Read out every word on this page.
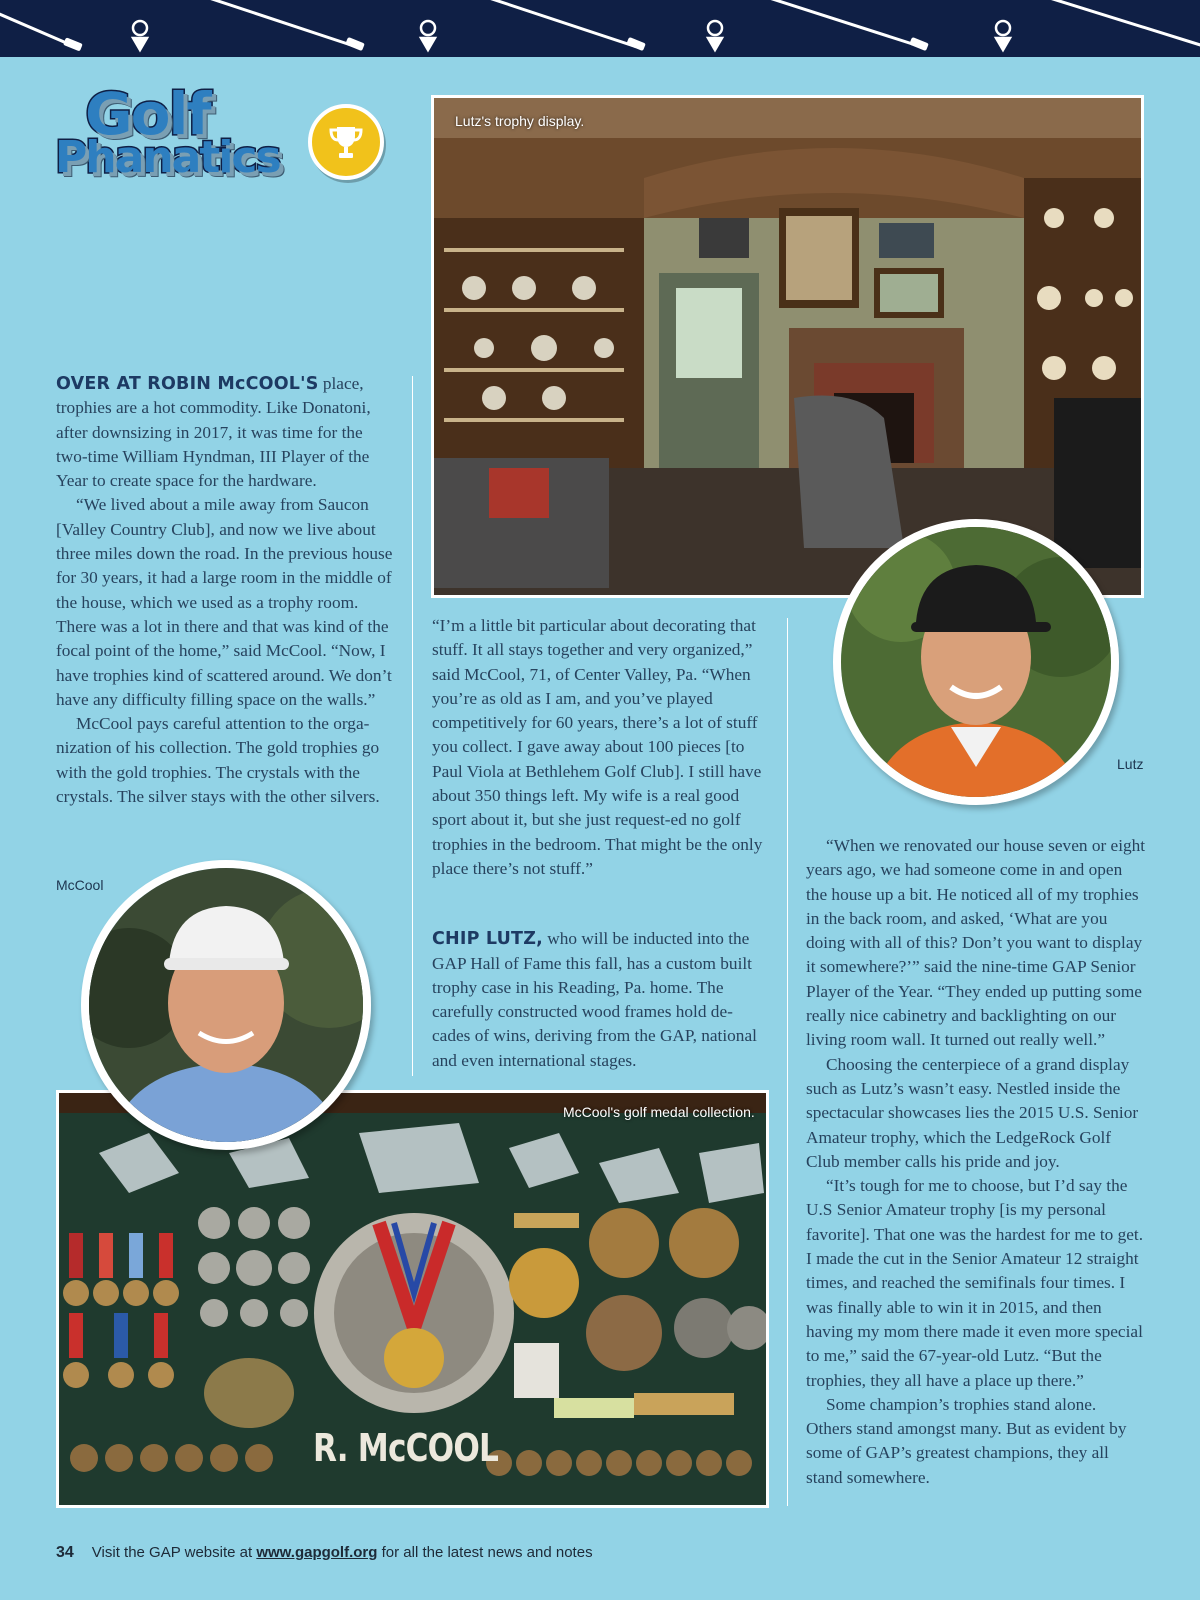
Golf
Phanatics
Lutz's trophy display.
Lutz

OVER AT ROBIN McCOOL'S place, trophies are a hot commodity. Like Donatoni, after downsizing in 2017, it was time for the two-time William Hyndman, III Player of the Year to create space for the hardware.

“We lived about a mile away from Saucon [Valley Country Club], and now we live about three miles down the road. In the previous house for 30 years, it had a large room in the middle of the house, which we used as a trophy room. There was a lot in there and that was kind of the focal point of the home,” said McCool. “Now, I have trophies kind of scattered around. We don’t have any difficulty filling space on the walls.”

McCool pays careful attention to the orga-nization of his collection. The gold trophies go with the gold trophies. The crystals with the crystals. The silver stays with the other silvers.

McCool

“I’m a little bit particular about decorating that stuff. It all stays together and very organized,” said McCool, 71, of Center Valley, Pa. “When you’re as old as I am, and you’ve played competitively for 60 years, there’s a lot of stuff you collect. I gave away about 100 pieces [to Paul Viola at Bethlehem Golf Club]. I still have about 350 things left. My wife is a real good sport about it, but she just request-ed no golf trophies in the bedroom. That might be the only place there’s not stuff.”

CHIP LUTZ, who will be inducted into the GAP Hall of Fame this fall, has a custom built trophy case in his Reading, Pa. home. The carefully constructed wood frames hold de-cades of wins, deriving from the GAP, national and even international stages.

“When we renovated our house seven or eight years ago, we had someone come in and open the house up a bit. He noticed all of my trophies in the back room, and asked, ‘What are you doing with all of this? Don’t you want to display it somewhere?’” said the nine-time GAP Senior Player of the Year. “They ended up putting some really nice cabinetry and backlighting on our living room wall. It turned out really well.”

Choosing the centerpiece of a grand display such as Lutz’s wasn’t easy. Nestled inside the spectacular showcases lies the 2015 U.S. Senior Amateur trophy, which the LedgeRock Golf Club member calls his pride and joy.

“It’s tough for me to choose, but I’d say the U.S Senior Amateur trophy [is my personal favorite]. That one was the hardest for me to get. I made the cut in the Senior Amateur 12 straight times, and reached the semifinals four times. I was finally able to win it in 2015, and then having my mom there made it even more special to me,” said the 67-year-old Lutz. “But the trophies, they all have a place up there.”

Some champion’s trophies stand alone. Others stand amongst many. But as evident by some of GAP’s greatest champions, they all stand somewhere.

McCool's golf medal collection.
R. McCOOL
34 Visit the GAP website at www.gapgolf.org for all the latest news and notes
